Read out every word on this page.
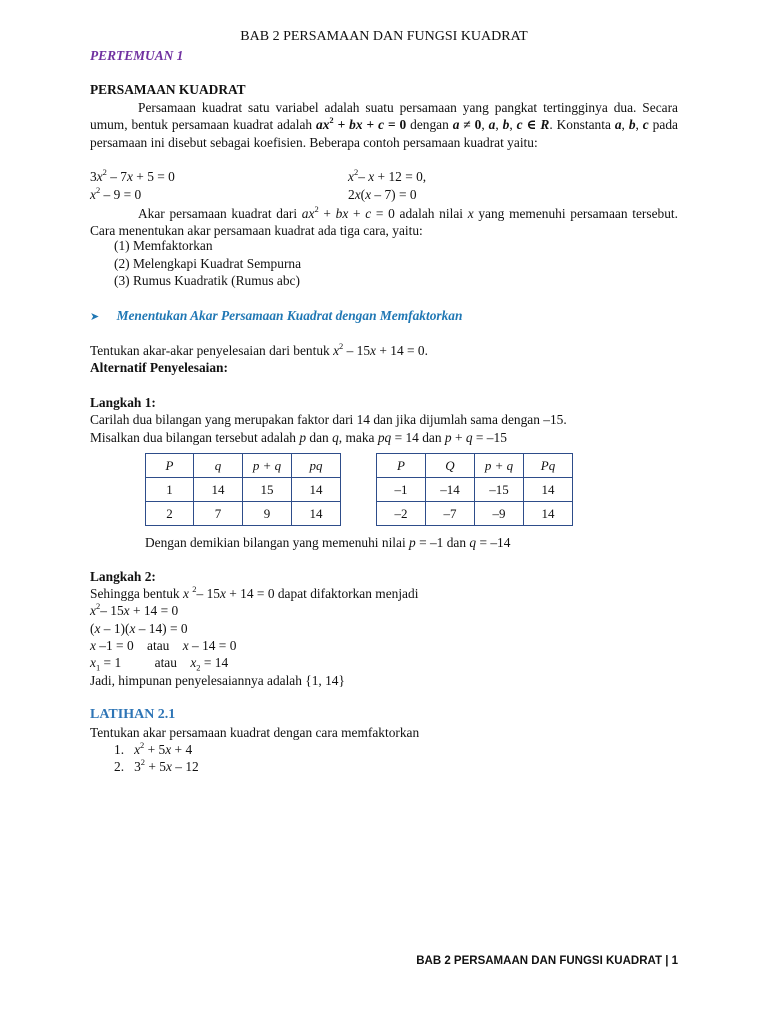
BAB 2 PERSAMAAN DAN FUNGSI KUADRAT
PERTEMUAN 1
PERSAMAAN KUADRAT
Persamaan kuadrat satu variabel adalah suatu persamaan yang pangkat tertingginya dua. Secara umum, bentuk persamaan kuadrat adalah $ax^2$ + bx + c = 0 dengan a ≠ 0, a, b, c ∈ R. Konstanta a, b, c pada persamaan ini disebut sebagai koefisien. Beberapa contoh persamaan kuadrat yaitu:
$3x^2 - 7x + 5 = 0$	$x^2-$ x + 12 = 0,
$x^2 - 9 = 0$	2x(x – 7) = 0
Akar persamaan kuadrat dari $ax^2$ + bx + c = 0 adalah nilai x yang memenuhi persamaan tersebut. Cara menentukan akar persamaan kuadrat ada tiga cara, yaitu:
(1) Memfaktorkan
(2) Melengkapi Kuadrat Sempurna
(3) Rumus Kuadratik (Rumus abc)
➤ Menentukan Akar Persamaan Kuadrat dengan Memfaktorkan
Tentukan akar-akar penyelesaian dari bentuk $x^2 - 15x + 14 = 0$.
Alternatif Penyelesaian:
Langkah 1:
Carilah dua bilangan yang merupakan faktor dari 14 dan jika dijumlah sama dengan –15.
Misalkan dua bilangan tersebut adalah p dan q, maka pq = 14 dan p + q = –15
P	q	p + q	pq
1	14	15	14
2	7	9	14
P	Q	p + q	Pq
–1	–14	–15	14
–2	–7	–9	14
Dengan demikian bilangan yang memenuhi nilai p = –1 dan q = –14
Langkah 2:
Sehingga bentuk x $^2$– 15x + 14 = 0 dapat difaktorkan menjadi
$x^2-$ 15x + 14 = 0
(x – 1)(x – 14) = 0
x –1 = 0    atau    x – 14 = 0
$x_1 = 1$          atau    $x_2 = 14$
Jadi, himpunan penyelesaiannya adalah {1, 14}
LATIHAN 2.1
Tentukan akar persamaan kuadrat dengan cara memfaktorkan
1. $x^2 + 5x + 4$
2.   $3^2 + 5x - 12$
BAB 2 PERSAMAAN DAN FUNGSI KUADRAT | 1
